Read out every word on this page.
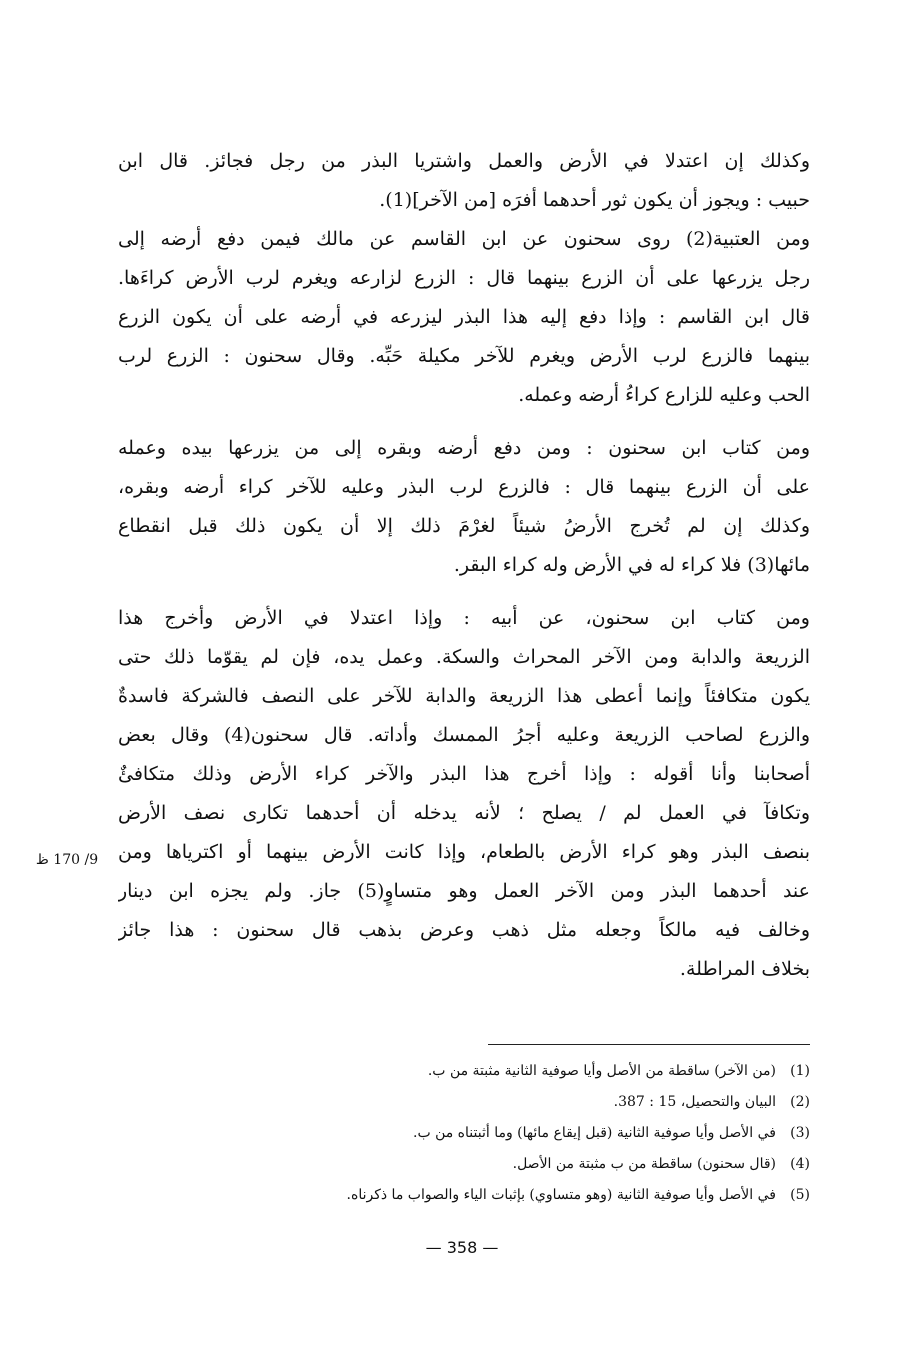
وكذلك إن اعتدلا في الأرض والعمل واشتريا البذر من رجل فجائز. قال ابن
حبيب : ويجوز أن يكون ثور أحدهما أفرَه [من الآخر](1).
ومن العتبية(2) روى سحنون عن ابن القاسم عن مالك فيمن دفع أرضه إلى
رجل يزرعها على أن الزرع بينهما قال : الزرع لزارعه ويغرم لرب الأرض كراءَها.
قال ابن القاسم : وإذا دفع إليه هذا البذر ليزرعه في أرضه على أن يكون الزرع
بينهما فالزرع لرب الأرض ويغرم للآخر مكيلة حَبِّه. وقال سحنون : الزرع لرب
الحب وعليه للزارع كراءُ أرضه وعمله.
ومن كتاب ابن سحنون : ومن دفع أرضه وبقره إلى من يزرعها بيده وعمله
على أن الزرع بينهما قال : فالزرع لرب البذر وعليه للآخر كراء أرضه وبقره،
وكذلك إن لم تُخرج الأرضُ شيئاً لغرْمَ ذلك إلا أن يكون ذلك قبل انقطاع
مائها(3) فلا كراء له في الأرض وله كراء البقر.
ومن كتاب ابن سحنون، عن أبيه : وإذا اعتدلا في الأرض وأخرج هذا
الزريعة والدابة ومن الآخر المحراث والسكة. وعمل يده، فإن لم يقوّما ذلك حتى
يكون متكافئاً وإنما أعطى هذا الزريعة والدابة للآخر على النصف فالشركة فاسدةٌ
والزرع لصاحب الزريعة وعليه أجرُ الممسك وأداته. قال سحنون(4) وقال بعض
أصحابنا وأنا أقوله : وإذا أخرج هذا البذر والآخر كراء الأرض وذلك متكافئٌ
وتكافآ في العمل لم / يصلح ؛ لأنه يدخله أن أحدهما تكارى نصف الأرض
بنصف البذر وهو كراء الأرض بالطعام، وإذا كانت الأرض بينهما أو اكترياها ومن
عند أحدهما البذر ومن الآخر العمل وهو متساوٍ(5) جاز. ولم يجزه ابن دينار
وخالف فيه مالكاً وجعله مثل ذهب وعرض بذهب قال سحنون : هذا جائز
بخلاف المراطلة.
9/ 170 ظ
(1)
(من الآخر) ساقطة من الأصل وأيا صوفية الثانية مثبتة من ب.
(2)
البيان والتحصيل، 15 : 387.
(3)
في الأصل وأيا صوفية الثانية (قبل إيقاع مائها) وما أثبتناه من ب.
(4)
(قال سحنون) ساقطة من ب مثبتة من الأصل.
(5)
في الأصل وأيا صوفية الثانية (وهو متساوي) بإثبات الياء والصواب ما ذكرناه.
— 358 —
